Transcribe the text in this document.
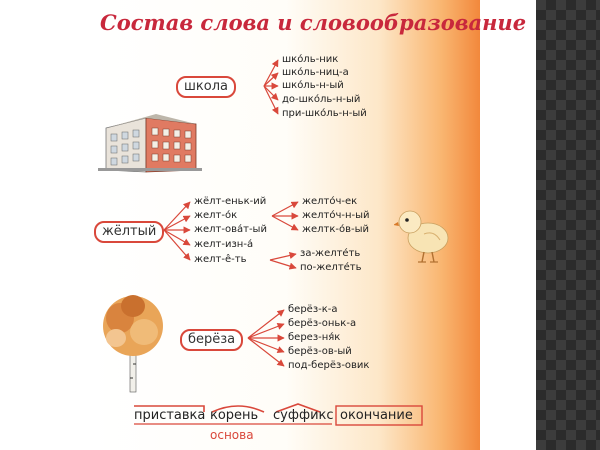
Состав слова и словообразование
школа
шко́ль-ник
шко́ль-ниц-а
шко́ль-н-ый
до-шко́ль-н-ый
при-шко́ль-н-ый
жёлтый
жёлт-еньк-ий
желт-о́к
желт-ова́т-ый
желт-изн-а́
желт-ê-ть
желто́ч-ек
желто́ч-н-ый
желтк-о́в-ый
за-желте́ть
по-желте́ть
берёза
берёз-к-а
берёз-оньк-а
берез-ня́к
берёз-ов-ый
под-берёз-овик
приставка корень суффикс окончание
основа
